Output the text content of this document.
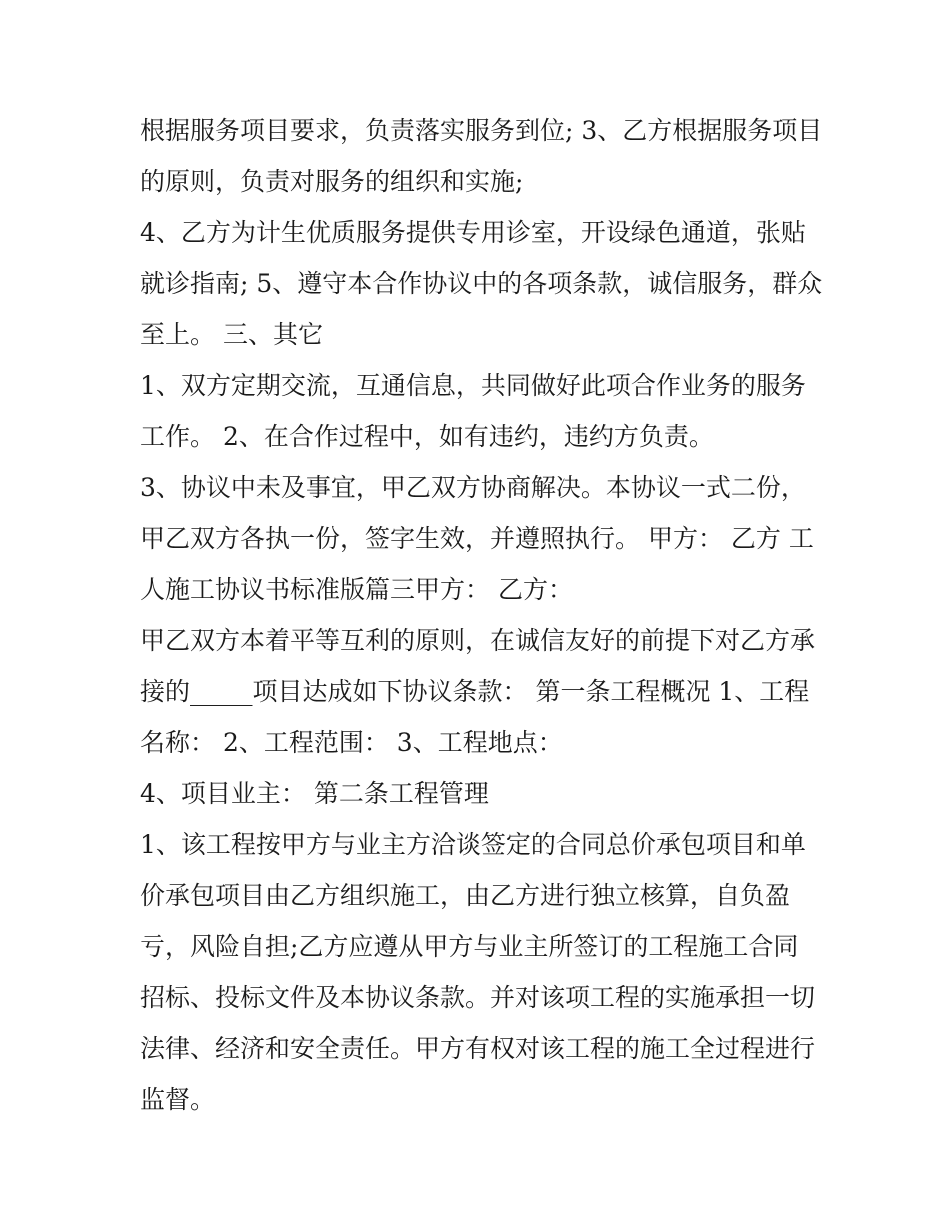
根据服务项目要求，负责落实服务到位; 3、乙方根据服务项目
的原则，负责对服务的组织和实施;
4、乙方为计生优质服务提供专用诊室，开设绿色通道，张贴
就诊指南; 5、遵守本合作协议中的各项条款，诚信服务，群众
至上。 三、其它
1、双方定期交流，互通信息，共同做好此项合作业务的服务
工作。 2、在合作过程中，如有违约，违约方负责。
3、协议中未及事宜，甲乙双方协商解决。本协议一式二份，
甲乙双方各执一份，签字生效，并遵照执行。 甲方： 乙方 工
人施工协议书标准版篇三甲方： 乙方：
甲乙双方本着平等互利的原则，在诚信友好的前提下对乙方承
接的_____项目达成如下协议条款： 第一条工程概况 1、工程
名称： 2、工程范围： 3、工程地点：
4、项目业主： 第二条工程管理
1、该工程按甲方与业主方洽谈签定的合同总价承包项目和单
价承包项目由乙方组织施工，由乙方进行独立核算，自负盈
亏，风险自担;乙方应遵从甲方与业主所签订的工程施工合同
招标、投标文件及本协议条款。并对该项工程的实施承担一切
法律、经济和安全责任。甲方有权对该工程的施工全过程进行
监督。
